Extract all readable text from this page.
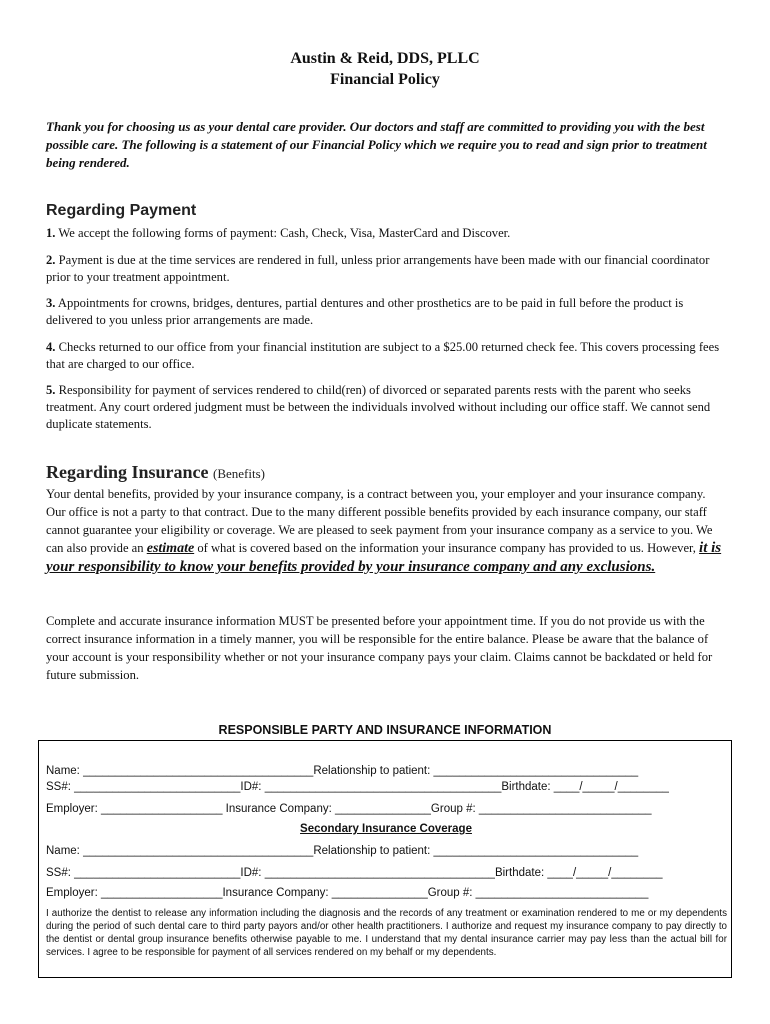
Austin & Reid, DDS, PLLC
Financial Policy
Thank you for choosing us as your dental care provider. Our doctors and staff are committed to providing you with the best possible care. The following is a statement of our Financial Policy which we require you to read and sign prior to treatment being rendered.
Regarding Payment
1. We accept the following forms of payment: Cash, Check, Visa, MasterCard and Discover.
2. Payment is due at the time services are rendered in full, unless prior arrangements have been made with our financial coordinator prior to your treatment appointment.
3. Appointments for crowns, bridges, dentures, partial dentures and other prosthetics are to be paid in full before the product is delivered to you unless prior arrangements are made.
4. Checks returned to our office from your financial institution are subject to a $25.00 returned check fee. This covers processing fees that are charged to our office.
5. Responsibility for payment of services rendered to child(ren) of divorced or separated parents rests with the parent who seeks treatment. Any court ordered judgment must be between the individuals involved without including our office staff. We cannot send duplicate statements.
Regarding Insurance (Benefits)
Your dental benefits, provided by your insurance company, is a contract between you, your employer and your insurance company. Our office is not a party to that contract. Due to the many different possible benefits provided by each insurance company, our staff cannot guarantee your eligibility or coverage. We are pleased to seek payment from your insurance company as a service to you. We can also provide an estimate of what is covered based on the information your insurance company has provided to us. However, it is your responsibility to know your benefits provided by your insurance company and any exclusions.
Complete and accurate insurance information MUST be presented before your appointment time. If you do not provide us with the correct insurance information in a timely manner, you will be responsible for the entire balance. Please be aware that the balance of your account is your responsibility whether or not your insurance company pays your claim. Claims cannot be backdated or held for future submission.
RESPONSIBLE PARTY AND INSURANCE INFORMATION
Name: ____________________________________Relationship to patient: ________________________________
SS#: __________________________ID#: _____________________________________Birthdate: ____/_____/________
Employer: ___________________ Insurance Company: _______________Group #: ___________________________
Secondary Insurance Coverage
Name: ____________________________________Relationship to patient: ________________________________
SS#: __________________________ID#: ____________________________________Birthdate: ____/_____/________
Employer: ___________________Insurance Company: _______________Group #: ___________________________
I authorize the dentist to release any information including the diagnosis and the records of any treatment or examination rendered to me or my dependents during the period of such dental care to third party payors and/or other health practitioners. I authorize and request my insurance company to pay directly to the dentist or dental group insurance benefits otherwise payable to me. I understand that my dental insurance carrier may pay less than the actual bill for services. I agree to be responsible for payment of all services rendered on my behalf or my dependents.
